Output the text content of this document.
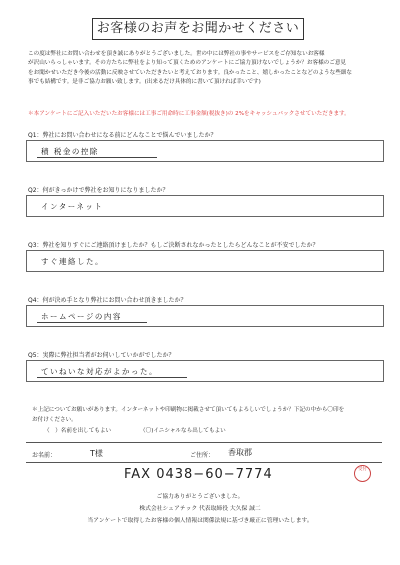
お客様のお声をお聞かせください

この度は弊社にお問い合わせを頂き誠にありがとうございました。世の中には弊社の事やサービスをご存知ないお客様

が沢山いらっしゃいます。その方たちに弊社をより知って頂くためのアンケートにご協力頂けないでしょうか？お客様のご意見

をお聞かせいただき今後の活動に反映させていただきたいと考えております。良かったこと、嬉しかったことなどのような些細な

事でも結構です。是非ご協力お願い致します。(出来るだけ具体的に書いて頂ければ幸いです)

＊本アンケートにご記入いただいたお客様には工事ご用命時に工事金額(税抜き)の 2%をキャッシュバックさせていただきます。
Q1：弊社にお問い合わせになる前にどんなことで悩んでいましたか？
積 税金の控除
Q2：何がきっかけで弊社をお知りになりましたか？
インターネット
Q3：弊社を知りすぐにご連絡頂けましたか？もしご決断されなかったとしたらどんなことが不安でしたか？
すぐ連絡した。
Q4：何が決め手となり弊社にお問い合わせ頂きましたか？
ホームページの内容
Q5：実際に弊社担当者がお伺いしていかがでしたか？
ていねいな対応がよかった。
＊上記についてお願いがあります。インターネットや印刷物に掲載させて頂いてもよろしいでしょうか？下記の中から〇印を
お付けください。
（　）名前を出してもよい	（〇)イニシャルなら出してもよい
お名前：	T様	ご住所： 香取郡
FAX 0438−60−7774	受付
ご協力ありがとうございました。
株式会社シェアテック 代表取締役 大久保 誠二
当アンケートで取得したお客様の個人情報は関係法規に基づき厳正に管理いたします。
